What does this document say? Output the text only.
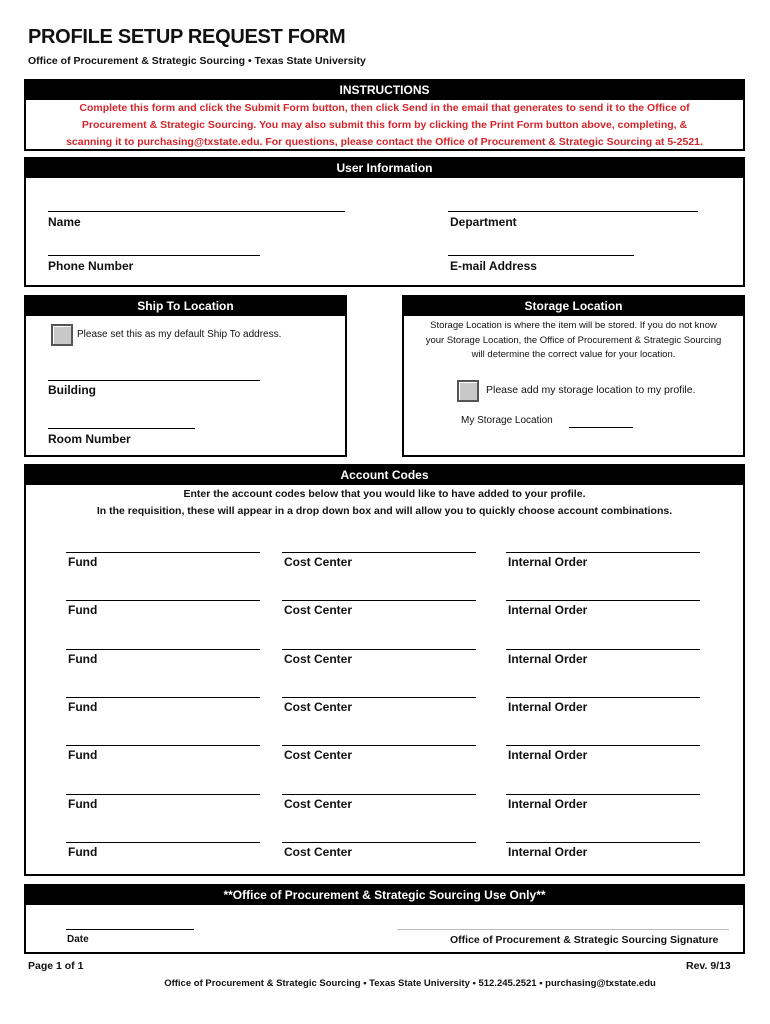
PROFILE SETUP REQUEST FORM
Office of Procurement & Strategic Sourcing • Texas State University
INSTRUCTIONS
Complete this form and click the Submit Form button, then click Send in the email that generates to send it to the Office of
Procurement & Strategic Sourcing. You may also submit this form by clicking the Print Form button above, completing, &
scanning it to purchasing@txstate.edu. For questions, please contact the Office of Procurement & Strategic Sourcing at 5-2521.
User Information
Name	Department
Phone Number	E-mail Address
Ship To Location
Please set this as my default Ship To address.
Building
Room Number
Storage Location
Storage Location is where the item will be stored. If you do not know
your Storage Location, the Office of Procurement & Strategic Sourcing
will determine the correct value for your location.
Please add my storage location to my profile.
My Storage Location
Account Codes
Enter the account codes below that you would like to have added to your profile.
In the requisition, these will appear in a drop down box and will allow you to quickly choose account combinations.
Fund	Cost Center	Internal Order
Fund	Cost Center	Internal Order
Fund	Cost Center	Internal Order
Fund	Cost Center	Internal Order
Fund	Cost Center	Internal Order
Fund	Cost Center	Internal Order
Fund	Cost Center	Internal Order
**Office of Procurement & Strategic Sourcing Use Only**
Date	Office of Procurement & Strategic Sourcing Signature
Page 1 of 1	Rev. 9/13
Office of Procurement & Strategic Sourcing • Texas State University • 512.245.2521 • purchasing@txstate.edu
